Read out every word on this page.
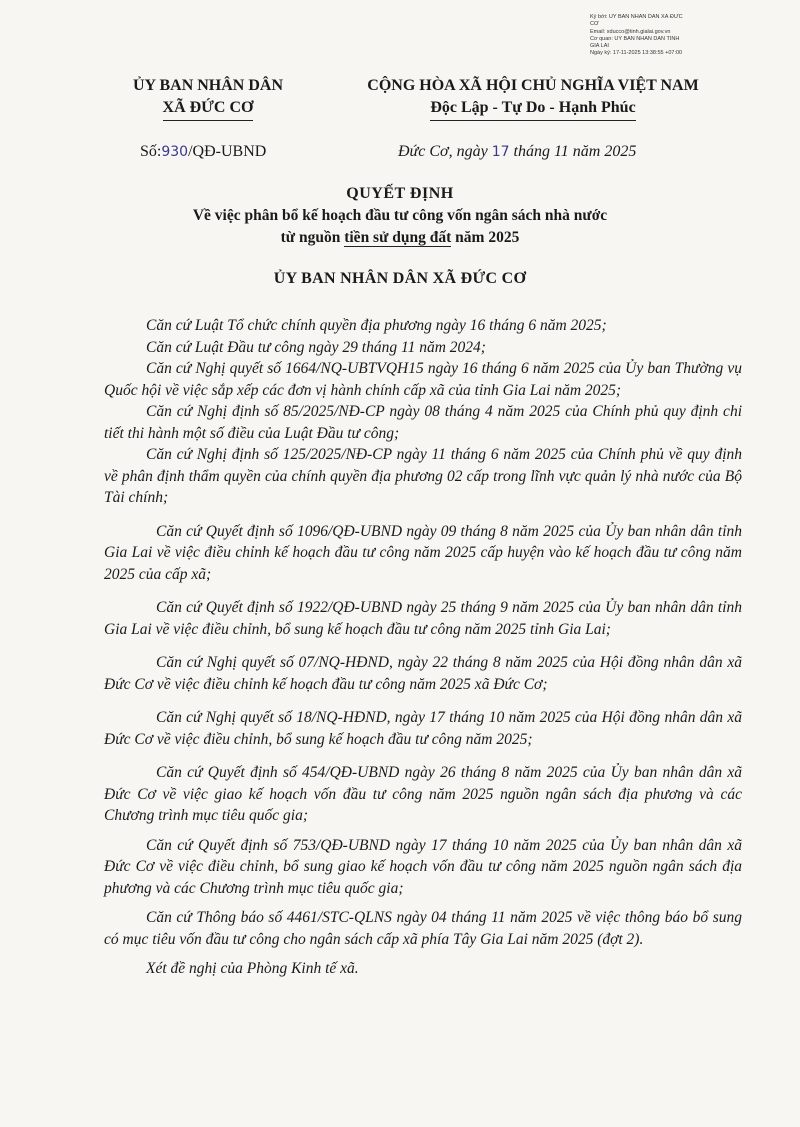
Ký bởi: ỦY BAN NHÂN DÂN XÃ ĐỨC
CƠ
Email: xducco@tinh.gialai.gov.vn
Cơ quan: ỦY BAN NHÂN DÂN TỈNH
GIA LAI
Ngày ký: 17-11-2025 13:38:55 +07:00
ỦY BAN NHÂN DÂN
XÃ ĐỨC CƠ
CỘNG HÒA XÃ HỘI CHỦ NGHĨA VIỆT NAM
Độc Lập - Tự Do - Hạnh Phúc
Số:930/QĐ-UBND	Đức Cơ, ngày 17 tháng 11 năm 2025
QUYẾT ĐỊNH
Về việc phân bổ kế hoạch đầu tư công vốn ngân sách nhà nước
từ nguồn tiền sử dụng đất năm 2025
ỦY BAN NHÂN DÂN XÃ ĐỨC CƠ

Căn cứ Luật Tổ chức chính quyền địa phương ngày 16 tháng 6 năm 2025;

Căn cứ Luật Đầu tư công ngày 29 tháng 11 năm 2024;

Căn cứ Nghị quyết số 1664/NQ-UBTVQH15 ngày 16 tháng 6 năm 2025 của Ủy ban Thường vụ Quốc hội về việc sắp xếp các đơn vị hành chính cấp xã của tỉnh Gia Lai năm 2025;

Căn cứ Nghị định số 85/2025/NĐ-CP ngày 08 tháng 4 năm 2025 của Chính phủ quy định chi tiết thi hành một số điều của Luật Đầu tư công;

Căn cứ Nghị định số 125/2025/NĐ-CP ngày 11 tháng 6 năm 2025 của Chính phủ về quy định về phân định thẩm quyền của chính quyền địa phương 02 cấp trong lĩnh vực quản lý nhà nước của Bộ Tài chính;

Căn cứ Quyết định số 1096/QĐ-UBND ngày 09 tháng 8 năm 2025 của Ủy ban nhân dân tỉnh Gia Lai về việc điều chỉnh kế hoạch đầu tư công năm 2025 cấp huyện vào kế hoạch đầu tư công năm 2025 của cấp xã;

Căn cứ Quyết định số 1922/QĐ-UBND ngày 25 tháng 9 năm 2025 của Ủy ban nhân dân tỉnh Gia Lai về việc điều chỉnh, bổ sung kế hoạch đầu tư công năm 2025 tỉnh Gia Lai;

Căn cứ Nghị quyết số 07/NQ-HĐND, ngày 22 tháng 8 năm 2025 của Hội đồng nhân dân xã Đức Cơ về việc điều chỉnh kế hoạch đầu tư công năm 2025 xã Đức Cơ;

Căn cứ Nghị quyết số 18/NQ-HĐND, ngày 17 tháng 10 năm 2025 của Hội đồng nhân dân xã Đức Cơ về việc điều chỉnh, bổ sung kế hoạch đầu tư công năm 2025;

Căn cứ Quyết định số 454/QĐ-UBND ngày 26 tháng 8 năm 2025 của Ủy ban nhân dân xã Đức Cơ về việc giao kế hoạch vốn đầu tư công năm 2025 nguồn ngân sách địa phương và các Chương trình mục tiêu quốc gia;

Căn cứ Quyết định số 753/QĐ-UBND ngày 17 tháng 10 năm 2025 của Ủy ban nhân dân xã Đức Cơ về việc điều chỉnh, bổ sung giao kế hoạch vốn đầu tư công năm 2025 nguồn ngân sách địa phương và các Chương trình mục tiêu quốc gia;

Căn cứ Thông báo số 4461/STC-QLNS ngày 04 tháng 11 năm 2025 về việc thông báo bổ sung có mục tiêu vốn đầu tư công cho ngân sách cấp xã phía Tây Gia Lai năm 2025 (đợt 2).

Xét đề nghị của Phòng Kinh tế xã.
